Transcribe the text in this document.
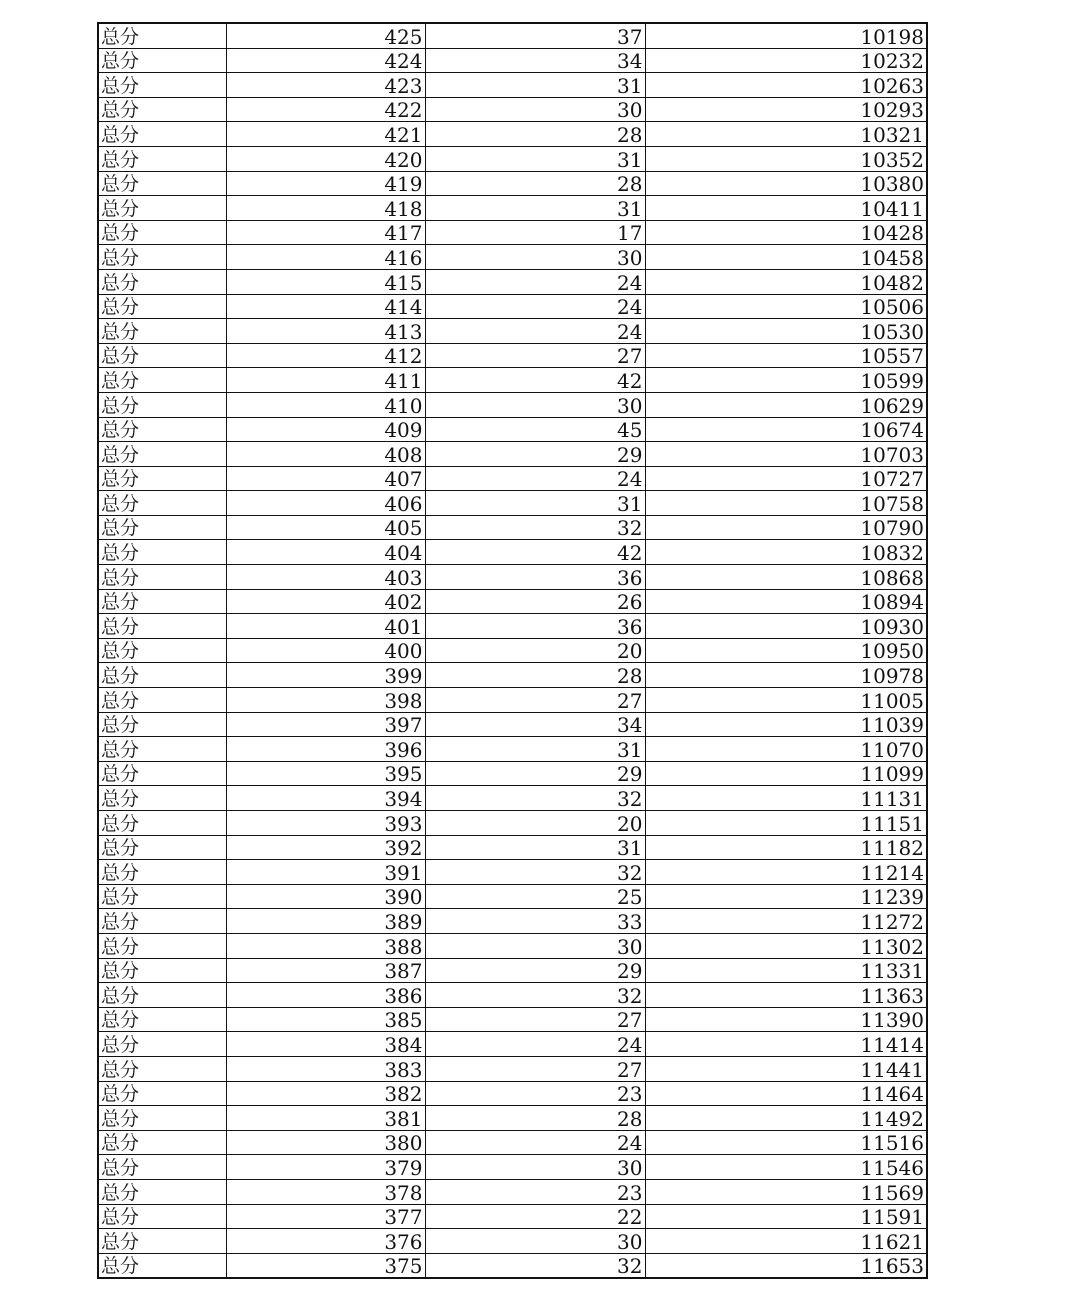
总分	425	37	10198
总分	424	34	10232
总分	423	31	10263
总分	422	30	10293
总分	421	28	10321
总分	420	31	10352
总分	419	28	10380
总分	418	31	10411
总分	417	17	10428
总分	416	30	10458
总分	415	24	10482
总分	414	24	10506
总分	413	24	10530
总分	412	27	10557
总分	411	42	10599
总分	410	30	10629
总分	409	45	10674
总分	408	29	10703
总分	407	24	10727
总分	406	31	10758
总分	405	32	10790
总分	404	42	10832
总分	403	36	10868
总分	402	26	10894
总分	401	36	10930
总分	400	20	10950
总分	399	28	10978
总分	398	27	11005
总分	397	34	11039
总分	396	31	11070
总分	395	29	11099
总分	394	32	11131
总分	393	20	11151
总分	392	31	11182
总分	391	32	11214
总分	390	25	11239
总分	389	33	11272
总分	388	30	11302
总分	387	29	11331
总分	386	32	11363
总分	385	27	11390
总分	384	24	11414
总分	383	27	11441
总分	382	23	11464
总分	381	28	11492
总分	380	24	11516
总分	379	30	11546
总分	378	23	11569
总分	377	22	11591
总分	376	30	11621
总分	375	32	11653
